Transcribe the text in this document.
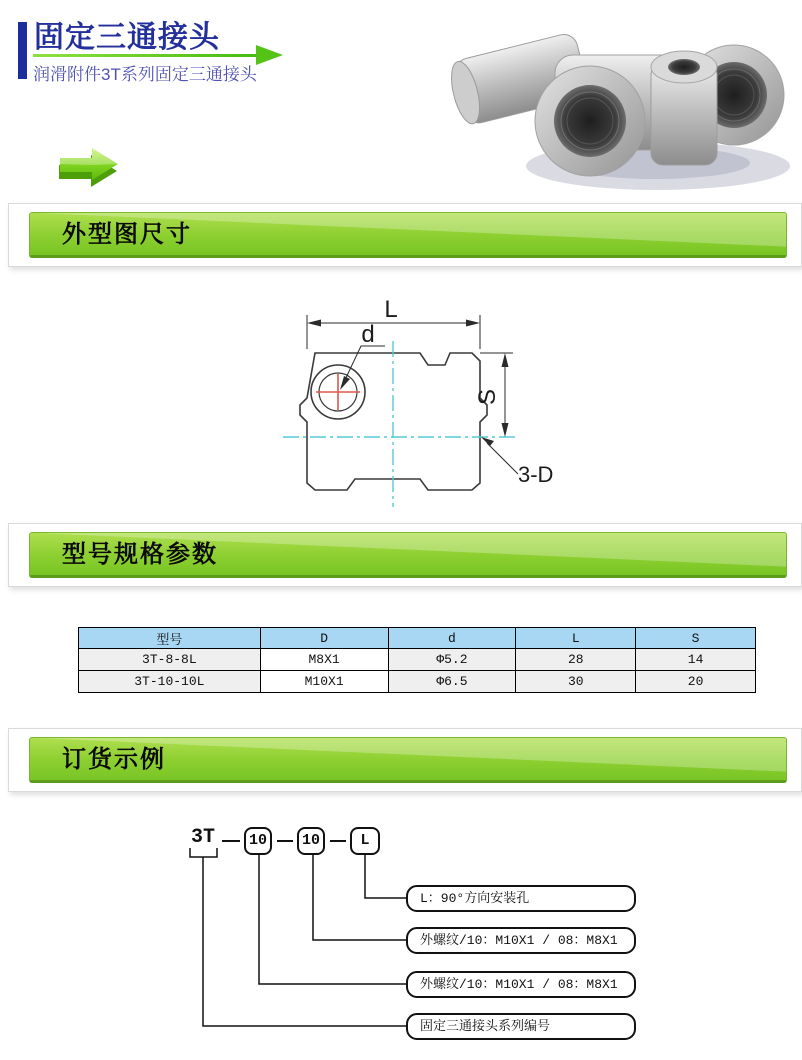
固定三通接头
润滑附件3T系列固定三通接头
外型图尺寸
型号规格参数
订货示例
L
d
S
3-D
型号	D	d	L	S
3T-8-8L	M8X1	Φ5.2	28	14
3T-10-10L	M10X1	Φ6.5	30	20
3T	10	10	L
L：90°方向安装孔
外螺纹/10：M10X1 / 08：M8X1
外螺纹/10：M10X1 / 08：M8X1
固定三通接头系列编号
